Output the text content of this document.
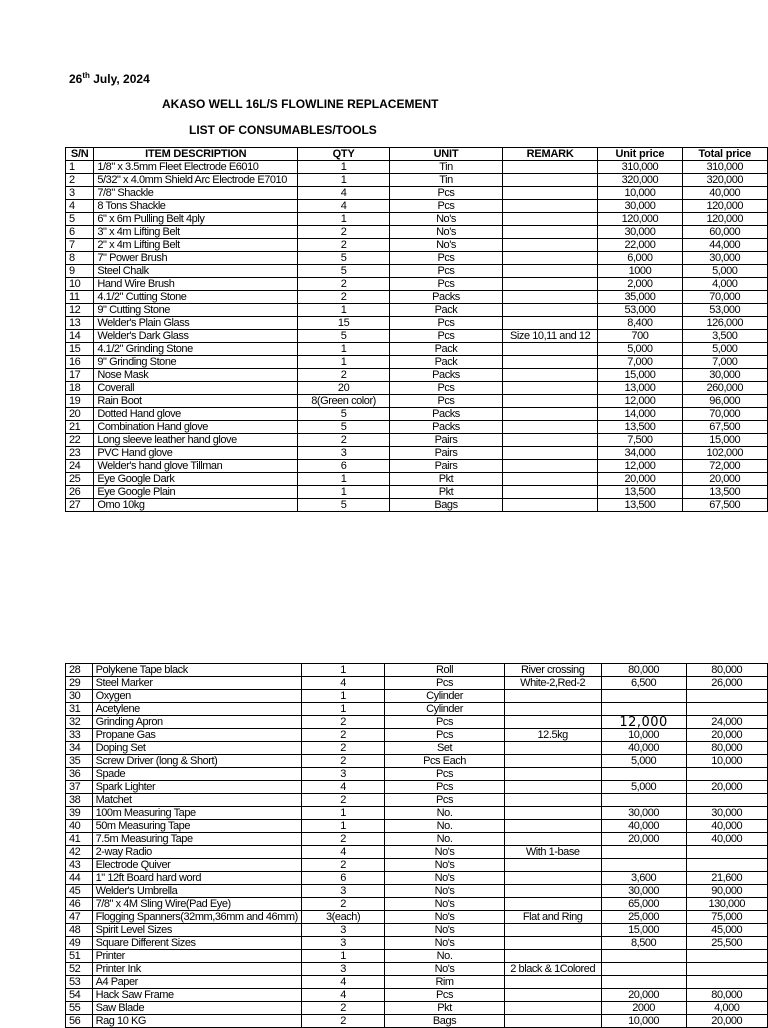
26th July, 2024
AKASO WELL 16L/S FLOWLINE REPLACEMENT
LIST OF CONSUMABLES/TOOLS
S/N	ITEM DESCRIPTION	QTY	UNIT	REMARK	Unit price	Total price
1	1/8" x 3.5mm Fleet Electrode E6010	1	Tin		310,000	310,000
2	5/32" x 4.0mm Shield Arc Electrode E7010	1	Tin		320,000	320,000
3	7/8" Shackle	4	Pcs		10,000	40,000
4	8 Tons Shackle	4	Pcs		30,000	120,000
5	6" x 6m Pulling Belt 4ply	1	No's		120,000	120,000
6	3" x 4m Lifting Belt	2	No's		30,000	60,000
7	2" x 4m Lifting Belt	2	No's		22,000	44,000
8	7" Power Brush	5	Pcs		6,000	30,000
9	Steel Chalk	5	Pcs		1000	5,000
10	Hand Wire Brush	2	Pcs		2,000	4,000
11	4.1/2" Cutting Stone	2	Packs		35,000	70,000
12	9" Cutting Stone	1	Pack		53,000	53,000
13	Welder's Plain Glass	15	Pcs		8,400	126,000
14	Welder's Dark Glass	5	Pcs	Size 10,11 and 12	700	3,500
15	4.1/2" Grinding Stone	1	Pack		5,000	5,000
16	9" Grinding Stone	1	Pack		7,000	7,000
17	Nose Mask	2	Packs		15,000	30,000
18	Coverall	20	Pcs		13,000	260,000
19	Rain Boot	8(Green color)	Pcs		12,000	96,000
20	Dotted Hand glove	5	Packs		14,000	70,000
21	Combination Hand glove	5	Packs		13,500	67,500
22	Long sleeve leather hand glove	2	Pairs		7,500	15,000
23	PVC Hand glove	3	Pairs		34,000	102,000
24	Welder's hand glove Tillman	6	Pairs		12,000	72,000
25	Eye Google Dark	1	Pkt		20,000	20,000
26	Eye Google Plain	1	Pkt		13,500	13,500
27	Omo 10kg	5	Bags		13,500	67,500
28	Polykene Tape black	1	Roll	River crossing	80,000	80,000
29	Steel Marker	4	Pcs	White-2,Red-2	6,500	26,000
30	Oxygen	1	Cylinder			
31	Acetylene	1	Cylinder			
32	Grinding Apron	2	Pcs		12,000	24,000
33	Propane Gas	2	Pcs	12.5kg	10,000	20,000
34	Doping Set	2	Set		40,000	80,000
35	Screw Driver (long & Short)	2	Pcs Each		5,000	10,000
36	Spade	3	Pcs			
37	Spark Lighter	4	Pcs		5,000	20,000
38	Matchet	2	Pcs			
39	100m Measuring Tape	1	No.		30,000	30,000
40	50m Measuring Tape	1	No.		40,000	40,000
41	7.5m Measuring Tape	2	No.		20,000	40,000
42	2-way Radio	4	No's	With 1-base		
43	Electrode Quiver	2	No's			
44	1" 12ft Board hard word	6	No's		3,600	21,600
45	Welder's Umbrella	3	No's		30,000	90,000
46	7/8" x 4M Sling Wire(Pad Eye)	2	No's		65,000	130,000
47	Flogging Spanners(32mm,36mm and 46mm)	3(each)	No's	Flat and Ring	25,000	75,000
48	Spirit Level Sizes	3	No's		15,000	45,000
49	Square Different Sizes	3	No's		8,500	25,500
51	Printer	1	No.			
52	Printer Ink	3	No's	2 black & 1Colored		
53	A4 Paper	4	Rim			
54	Hack Saw Frame	4	Pcs		20,000	80,000
55	Saw Blade	2	Pkt		2000	4,000
56	Rag 10 KG	2	Bags		10,000	20,000
